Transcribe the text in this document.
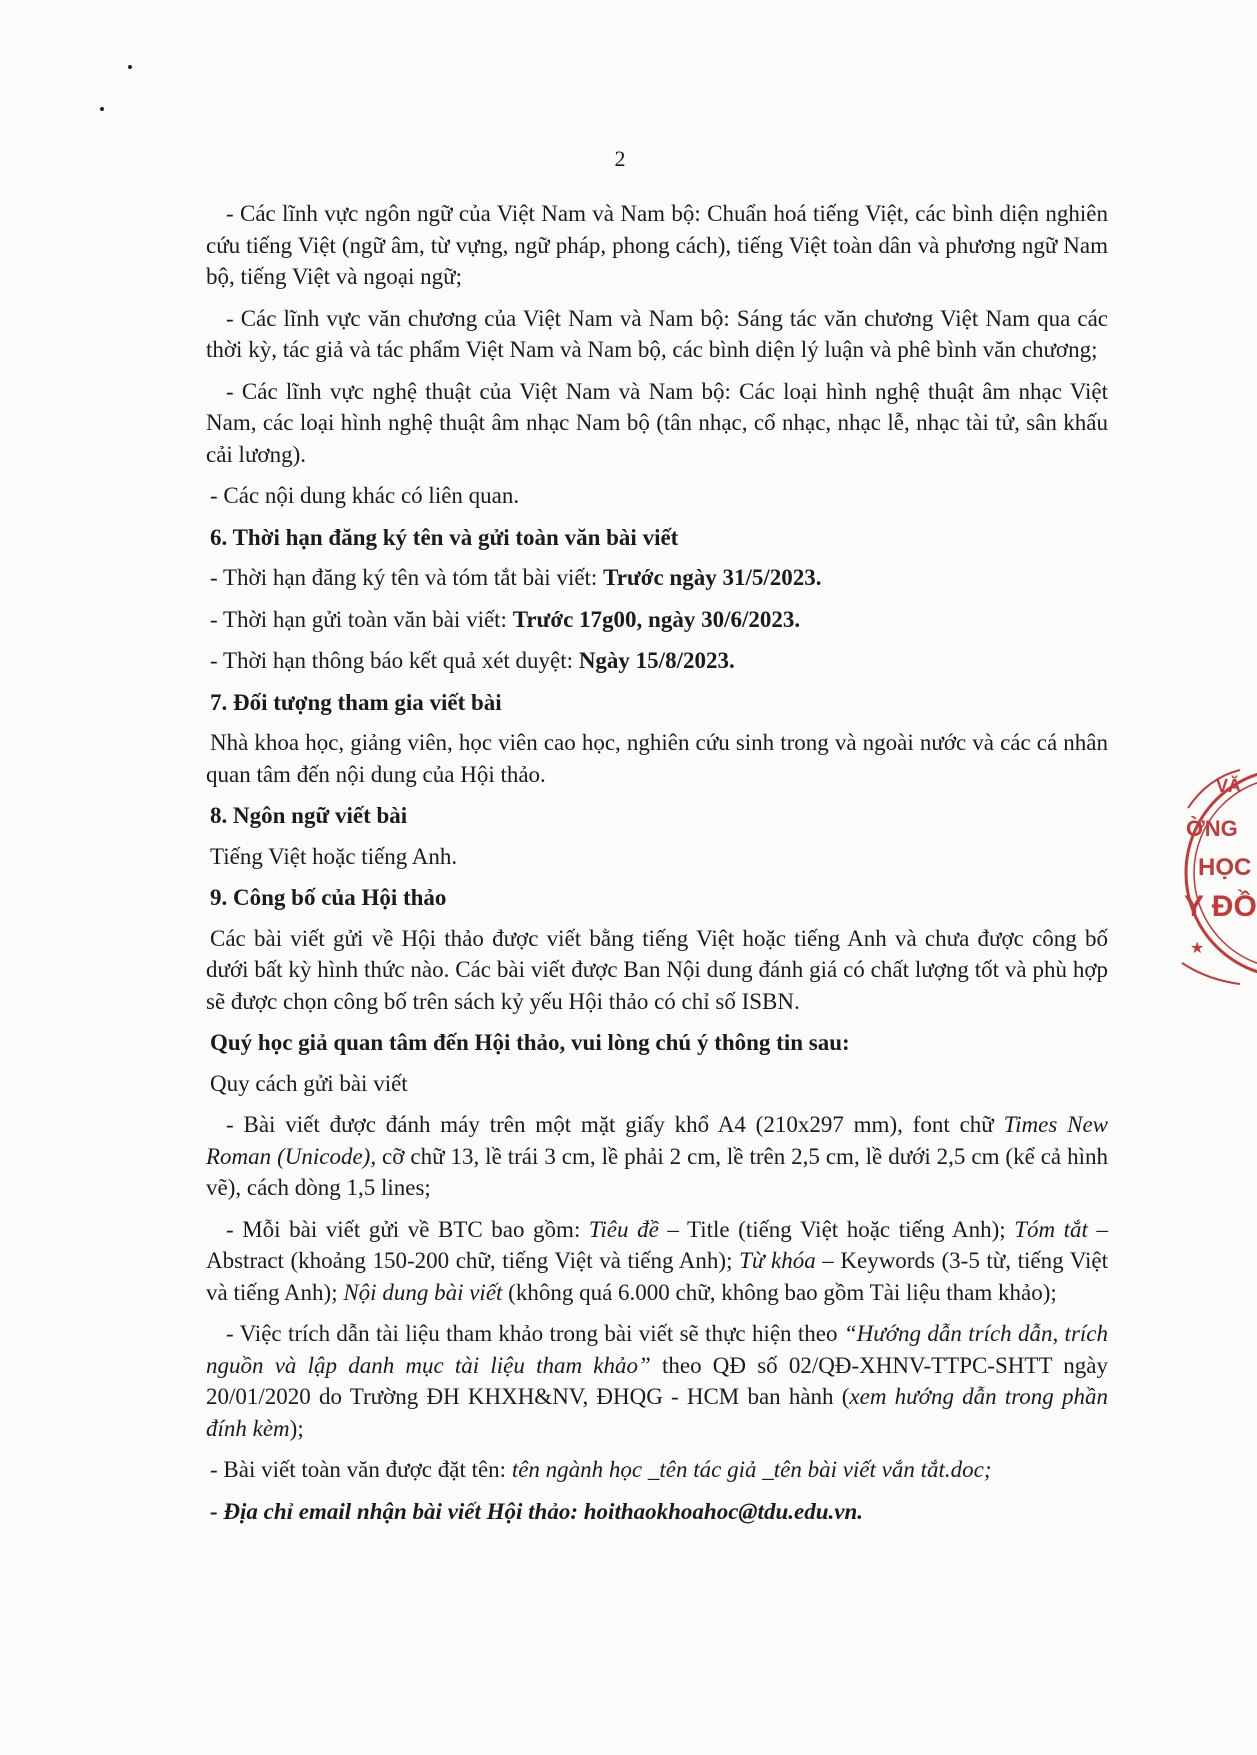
2

- Các lĩnh vực ngôn ngữ của Việt Nam và Nam bộ: Chuẩn hoá tiếng Việt, các bình diện nghiên cứu tiếng Việt (ngữ âm, từ vựng, ngữ pháp, phong cách), tiếng Việt toàn dân và phương ngữ Nam bộ, tiếng Việt và ngoại ngữ;

- Các lĩnh vực văn chương của Việt Nam và Nam bộ: Sáng tác văn chương Việt Nam qua các thời kỳ, tác giả và tác phẩm Việt Nam và Nam bộ, các bình diện lý luận và phê bình văn chương;

- Các lĩnh vực nghệ thuật của Việt Nam và Nam bộ: Các loại hình nghệ thuật âm nhạc Việt Nam, các loại hình nghệ thuật âm nhạc Nam bộ (tân nhạc, cổ nhạc, nhạc lễ, nhạc tài tử, sân khấu cải lương).

- Các nội dung khác có liên quan.

6. Thời hạn đăng ký tên và gửi toàn văn bài viết

- Thời hạn đăng ký tên và tóm tắt bài viết: Trước ngày 31/5/2023.

- Thời hạn gửi toàn văn bài viết: Trước 17g00, ngày 30/6/2023.

- Thời hạn thông báo kết quả xét duyệt: Ngày 15/8/2023.

7. Đối tượng tham gia viết bài

Nhà khoa học, giảng viên, học viên cao học, nghiên cứu sinh trong và ngoài nước và các cá nhân quan tâm đến nội dung của Hội thảo.

8. Ngôn ngữ viết bài

Tiếng Việt hoặc tiếng Anh.

9. Công bố của Hội thảo

Các bài viết gửi về Hội thảo được viết bằng tiếng Việt hoặc tiếng Anh và chưa được công bố dưới bất kỳ hình thức nào. Các bài viết được Ban Nội dung đánh giá có chất lượng tốt và phù hợp sẽ được chọn công bố trên sách kỷ yếu Hội thảo có chỉ số ISBN.

Quý học giả quan tâm đến Hội thảo, vui lòng chú ý thông tin sau:

Quy cách gửi bài viết

- Bài viết được đánh máy trên một mặt giấy khổ A4 (210x297 mm), font chữ Times New Roman (Unicode), cỡ chữ 13, lề trái 3 cm, lề phải 2 cm, lề trên 2,5 cm, lề dưới 2,5 cm (kể cả hình vẽ), cách dòng 1,5 lines;

- Mỗi bài viết gửi về BTC bao gồm: Tiêu đề – Title (tiếng Việt hoặc tiếng Anh); Tóm tắt – Abstract (khoảng 150-200 chữ, tiếng Việt và tiếng Anh); Từ khóa – Keywords (3-5 từ, tiếng Việt và tiếng Anh); Nội dung bài viết (không quá 6.000 chữ, không bao gồm Tài liệu tham khảo);

- Việc trích dẫn tài liệu tham khảo trong bài viết sẽ thực hiện theo “Hướng dẫn trích dẫn, trích nguồn và lập danh mục tài liệu tham khảo” theo QĐ số 02/QĐ-XHNV-TTPC-SHTT ngày 20/01/2020 do Trường ĐH KHXH&NV, ĐHQG - HCM ban hành (xem hướng dẫn trong phần đính kèm);

- Bài viết toàn văn được đặt tên: tên ngành học _tên tác giả _tên bài viết vắn tắt.doc;

- Địa chỉ email nhận bài viết Hội thảo: hoithaokhoahoc@tdu.edu.vn.

VĂ
ỜNG
HỌC
Y ĐỒ
★
